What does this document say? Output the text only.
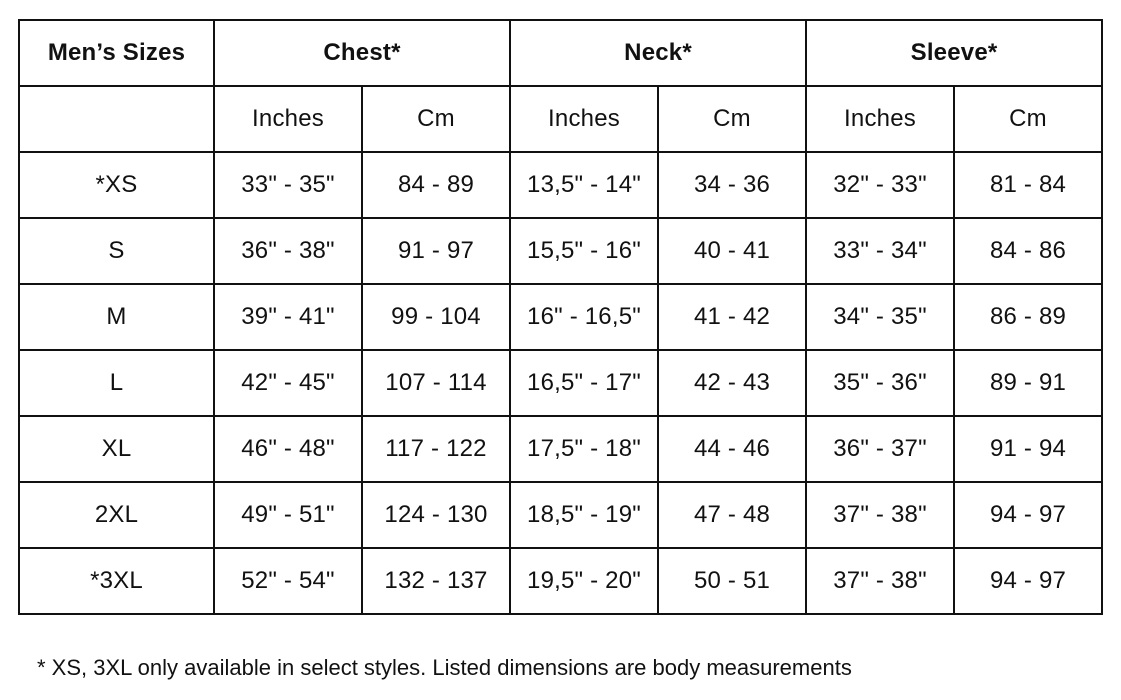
Men’s Sizes	Chest*		Neck*		Sleeve*	
	Inches	Cm	Inches	Cm	Inches	Cm
*XS	33" - 35"	84 - 89	13,5" - 14"	34 - 36	32" - 33"	81 - 84
S	36" - 38"	91 - 97	15,5" - 16"	40 - 41	33" - 34"	84 - 86
M	39" - 41"	99 - 104	16" - 16,5"	41 - 42	34" - 35"	86 - 89
L	42" - 45"	107 - 114	16,5" - 17"	42 - 43	35" - 36"	89 - 91
XL	46" - 48"	117 - 122	17,5" - 18"	44 - 46	36" - 37"	91 - 94
2XL	49" - 51"	124 - 130	18,5" - 19"	47 - 48	37" - 38"	94 - 97
*3XL	52" - 54"	132 - 137	19,5" - 20"	50 - 51	37" - 38"	94 - 97
* XS, 3XL only available in select styles. Listed dimensions are body measurements
